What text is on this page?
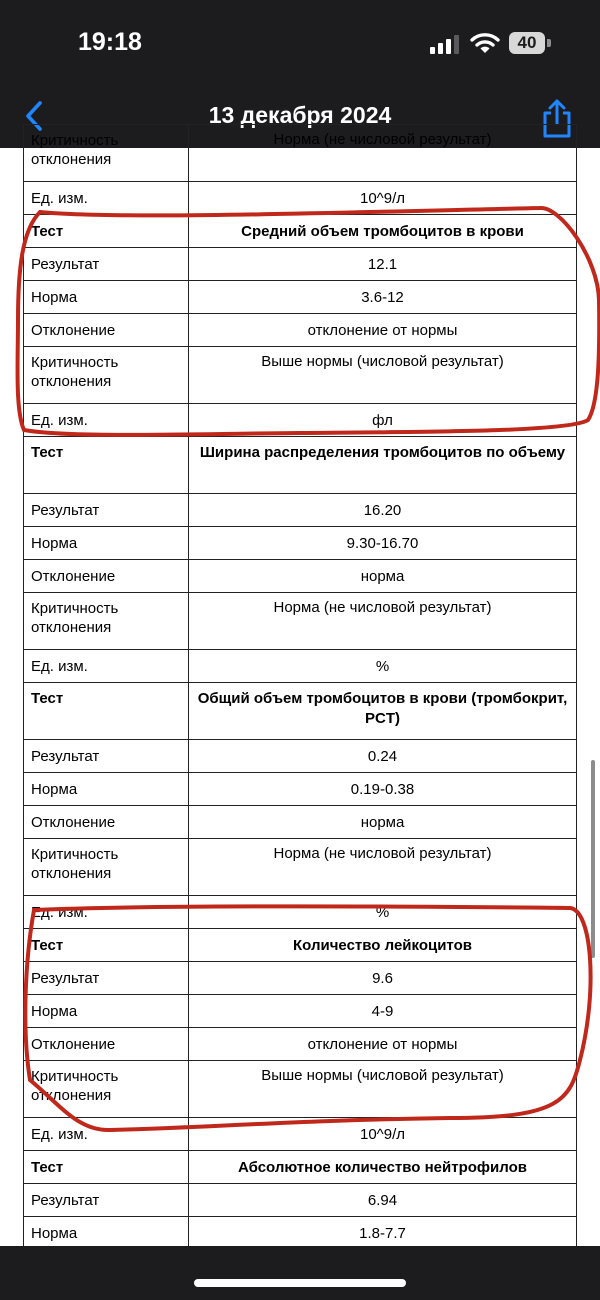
19:18	40
13 декабря 2024
Критичность отклонения	Норма (не числовой результат)
Ед. изм.	10^9/л
Тест	Средний объем тромбоцитов в крови
Результат	12.1
Норма	3.6-12
Отклонение	отклонение от нормы
Критичность отклонения	Выше нормы (числовой результат)
Ед. изм.	фл
Тест	Ширина распределения тромбоцитов по объему
Результат	16.20
Норма	9.30-16.70
Отклонение	норма
Критичность отклонения	Норма (не числовой результат)
Ед. изм.	%
Тест	Общий объем тромбоцитов в крови (тромбокрит, PCT)
Результат	0.24
Норма	0.19-0.38
Отклонение	норма
Критичность отклонения	Норма (не числовой результат)
Ед. изм.	%
Тест	Количество лейкоцитов
Результат	9.6
Норма	4-9
Отклонение	отклонение от нормы
Критичность отклонения	Выше нормы (числовой результат)
Ед. изм.	10^9/л
Тест	Абсолютное количество нейтрофилов
Результат	6.94
Норма	1.8-7.7
